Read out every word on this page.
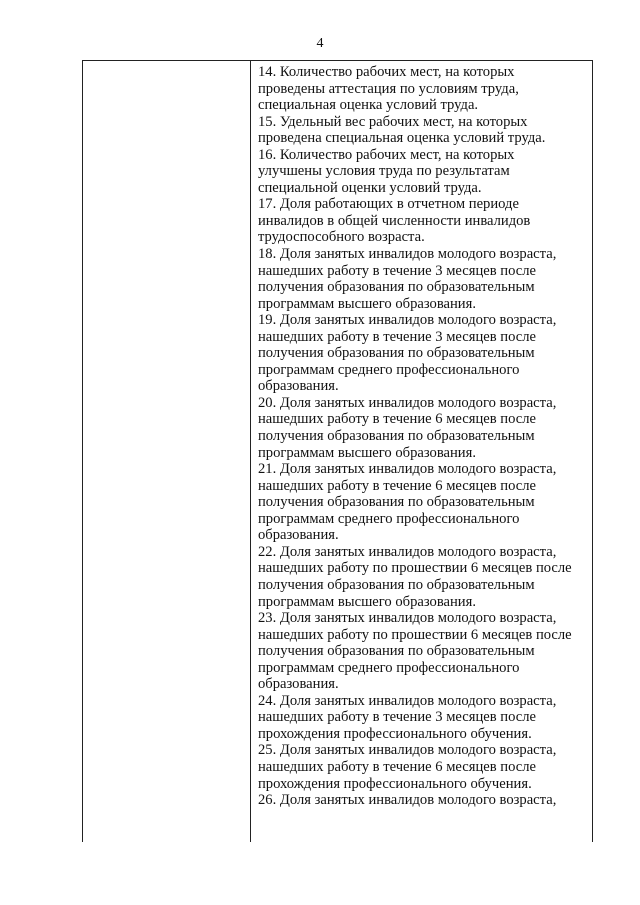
4

14. Количество рабочих мест, на которых
проведены аттестация по условиям труда,
специальная оценка условий труда.

15. Удельный вес рабочих мест, на которых
проведена специальная оценка условий труда.

16. Количество рабочих мест, на которых
улучшены условия труда по результатам
специальной оценки условий труда.

17. Доля работающих в отчетном периоде
инвалидов в общей численности инвалидов
трудоспособного возраста.

18. Доля занятых инвалидов молодого возраста,
нашедших работу в течение 3 месяцев после
получения образования по образовательным
программам высшего образования.

19. Доля занятых инвалидов молодого возраста,
нашедших работу в течение 3 месяцев после
получения образования по образовательным
программам среднего профессионального
образования.

20. Доля занятых инвалидов молодого возраста,
нашедших работу в течение 6 месяцев после
получения образования по образовательным
программам высшего образования.

21. Доля занятых инвалидов молодого возраста,
нашедших работу в течение 6 месяцев после
получения образования по образовательным
программам среднего профессионального
образования.

22. Доля занятых инвалидов молодого возраста,
нашедших работу по прошествии 6 месяцев после
получения образования по образовательным
программам высшего образования.

23. Доля занятых инвалидов молодого возраста,
нашедших работу по прошествии 6 месяцев после
получения образования по образовательным
программам среднего профессионального
образования.

24. Доля занятых инвалидов молодого возраста,
нашедших работу в течение 3 месяцев после
прохождения профессионального обучения.

25. Доля занятых инвалидов молодого возраста,
нашедших работу в течение 6 месяцев после
прохождения профессионального обучения.

26. Доля занятых инвалидов молодого возраста,
